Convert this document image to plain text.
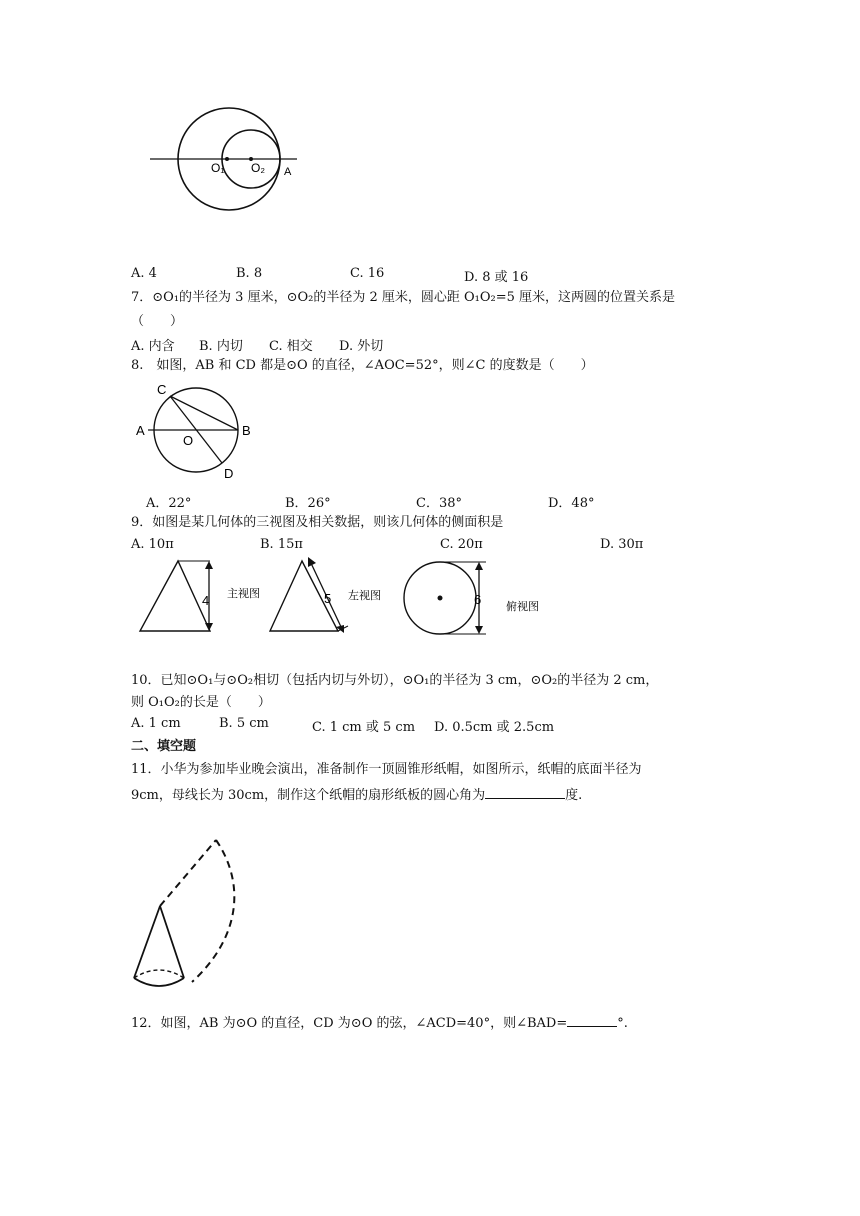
O₁ O₂ A
A. 4	B. 8	C. 16	D. 8 或 16
7．⊙O₁的半径为 3 厘米，⊙O₂的半径为 2 厘米，圆心距 O₁O₂=5 厘米，这两圆的位置关系是
（　　）
A. 内含 B. 内切 C. 相交 D. 外切
8.　如图，AB 和 CD 都是⊙O 的直径，∠AOC=52°，则∠C 的度数是（　　）
A	B
C
D
O
A．22°	B．26°	C．38°	D．48°
9．如图是某几何体的三视图及相关数据，则该几何体的侧面积是
A. 10π	B. 15π	C. 20π	D. 30π
4 主视图	5 左视图	6 俯视图
10．已知⊙O₁与⊙O₂相切（包括内切与外切），⊙O₁的半径为 3 cm，⊙O₂的半径为 2 cm，
则 O₁O₂的长是（　　）
A. 1 cm	B. 5 cm	C. 1 cm 或 5 cm D. 0.5cm 或 2.5cm
二、填空题
11．小华为参加毕业晚会演出，准备制作一顶圆锥形纸帽，如图所示，纸帽的底面半径为
9cm，母线长为 30cm，制作这个纸帽的扇形纸板的圆心角为	度.
12．如图，AB 为⊙O 的直径，CD 为⊙O 的弦，∠ACD=40°，则∠BAD=	°.
